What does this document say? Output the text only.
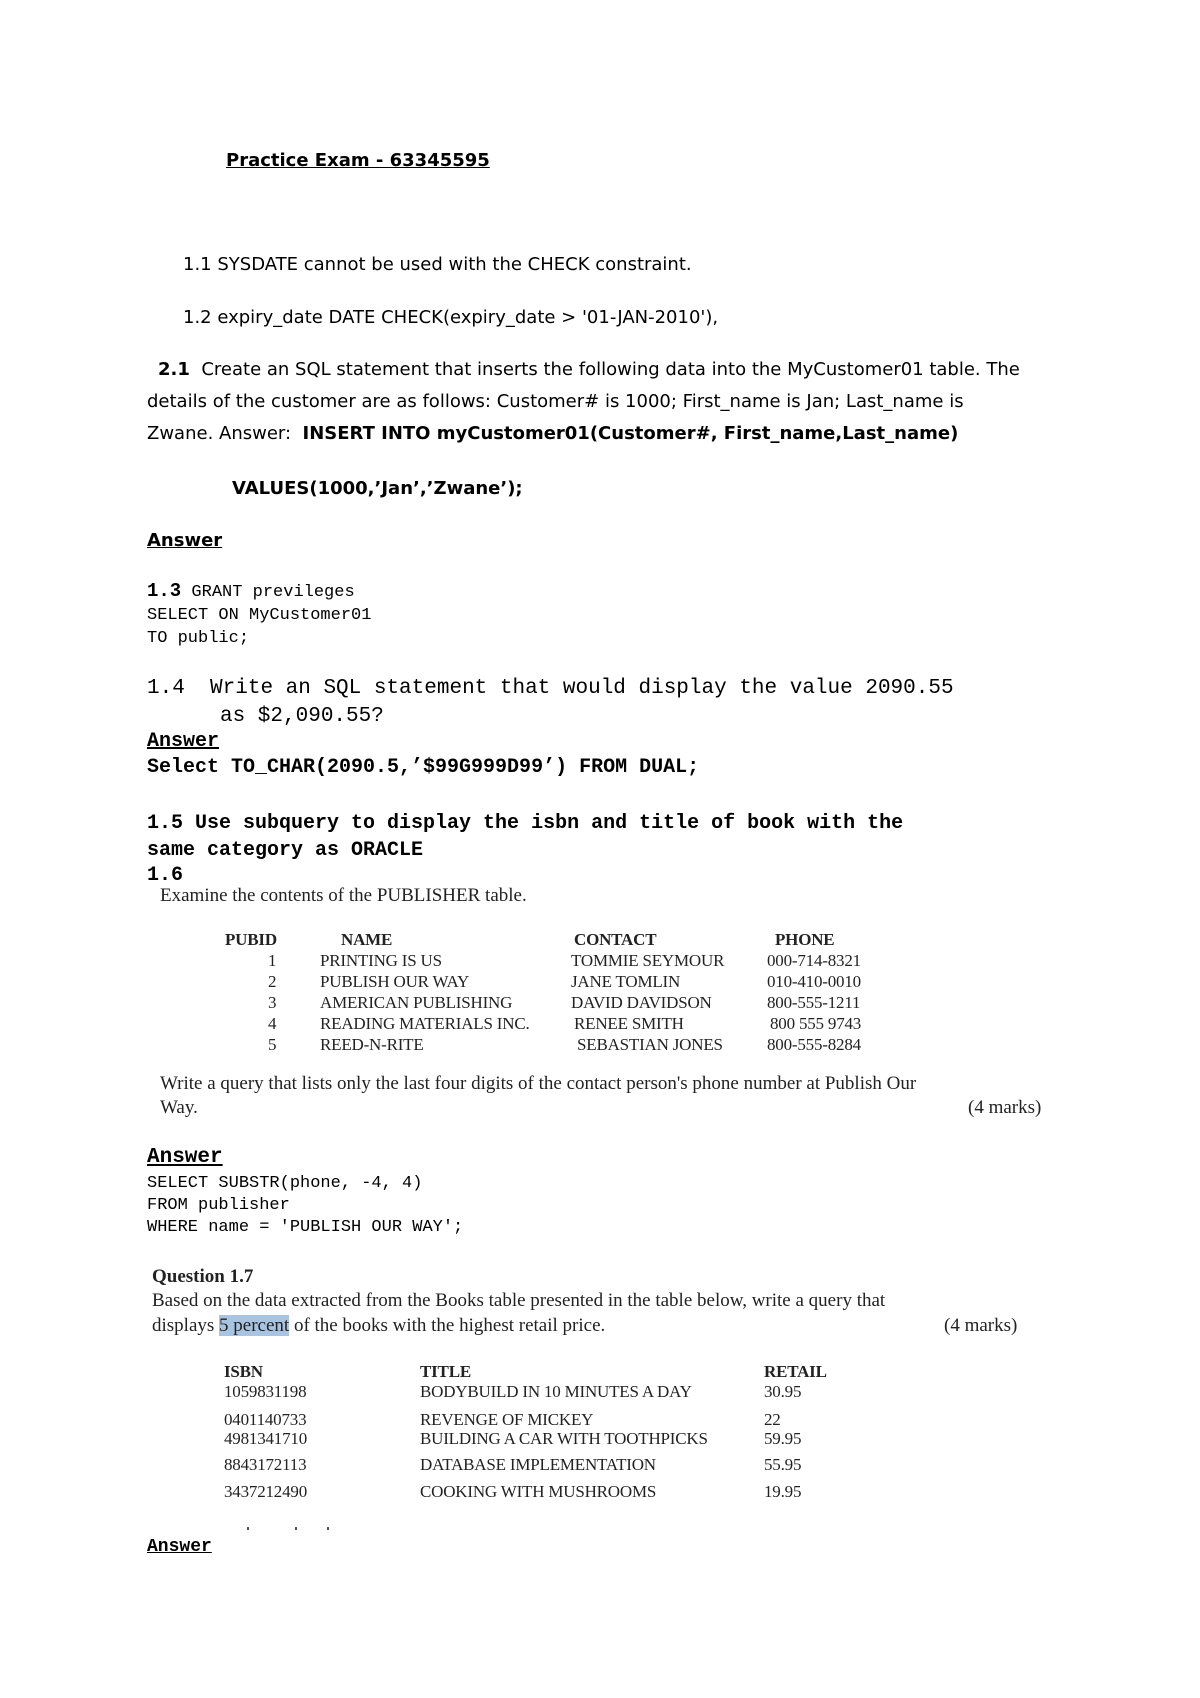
Practice Exam - 63345595
1.1 SYSDATE cannot be used with the CHECK constraint.
1.2 expiry_date DATE CHECK(expiry_date > '01-JAN-2010'),
2.1 Create an SQL statement that inserts the following data into the MyCustomer01 table. The
details of the customer are as follows: Customer# is 1000; First_name is Jan; Last_name is
Zwane. Answer: INSERT INTO myCustomer01(Customer#, First_name,Last_name)
VALUES(1000,’Jan’,’Zwane’);
Answer
1.3 GRANT previleges
SELECT ON MyCustomer01
TO public;
1.4 Write an SQL statement that would display the value 2090.55
as $2,090.55?
Answer
Select TO_CHAR(2090.5,’$99G999D99’) FROM DUAL;
1.5 Use subquery to display the isbn and title of book with the
same category as ORACLE
1.6
Examine the contents of the PUBLISHER table.
PUBID	NAME	CONTACT	PHONE
1	PRINTING IS US	TOMMIE SEYMOUR	000-714-8321
2	PUBLISH OUR WAY	JANE TOMLIN	010-410-0010
3	AMERICAN PUBLISHING	DAVID DAVIDSON	800-555-1211
4	READING MATERIALS INC.	RENEE SMITH	800 555 9743
5	REED-N-RITE	SEBASTIAN JONES	800-555-8284
Write a query that lists only the last four digits of the contact person's phone number at Publish Our
Way.	(4 marks)
Answer
SELECT SUBSTR(phone, -4, 4)
FROM publisher
WHERE name = 'PUBLISH OUR WAY';
Question 1.7
Based on the data extracted from the Books table presented in the table below, write a query that
displays 5 percent of the books with the highest retail price.	(4 marks)
ISBN	TITLE	RETAIL
1059831198	BODYBUILD IN 10 MINUTES A DAY	30.95
0401140733	REVENGE OF MICKEY	22
4981341710	BUILDING A CAR WITH TOOTHPICKS	59.95
8843172113	DATABASE IMPLEMENTATION	55.95
3437212490	COOKING WITH MUSHROOMS	19.95
Answer
